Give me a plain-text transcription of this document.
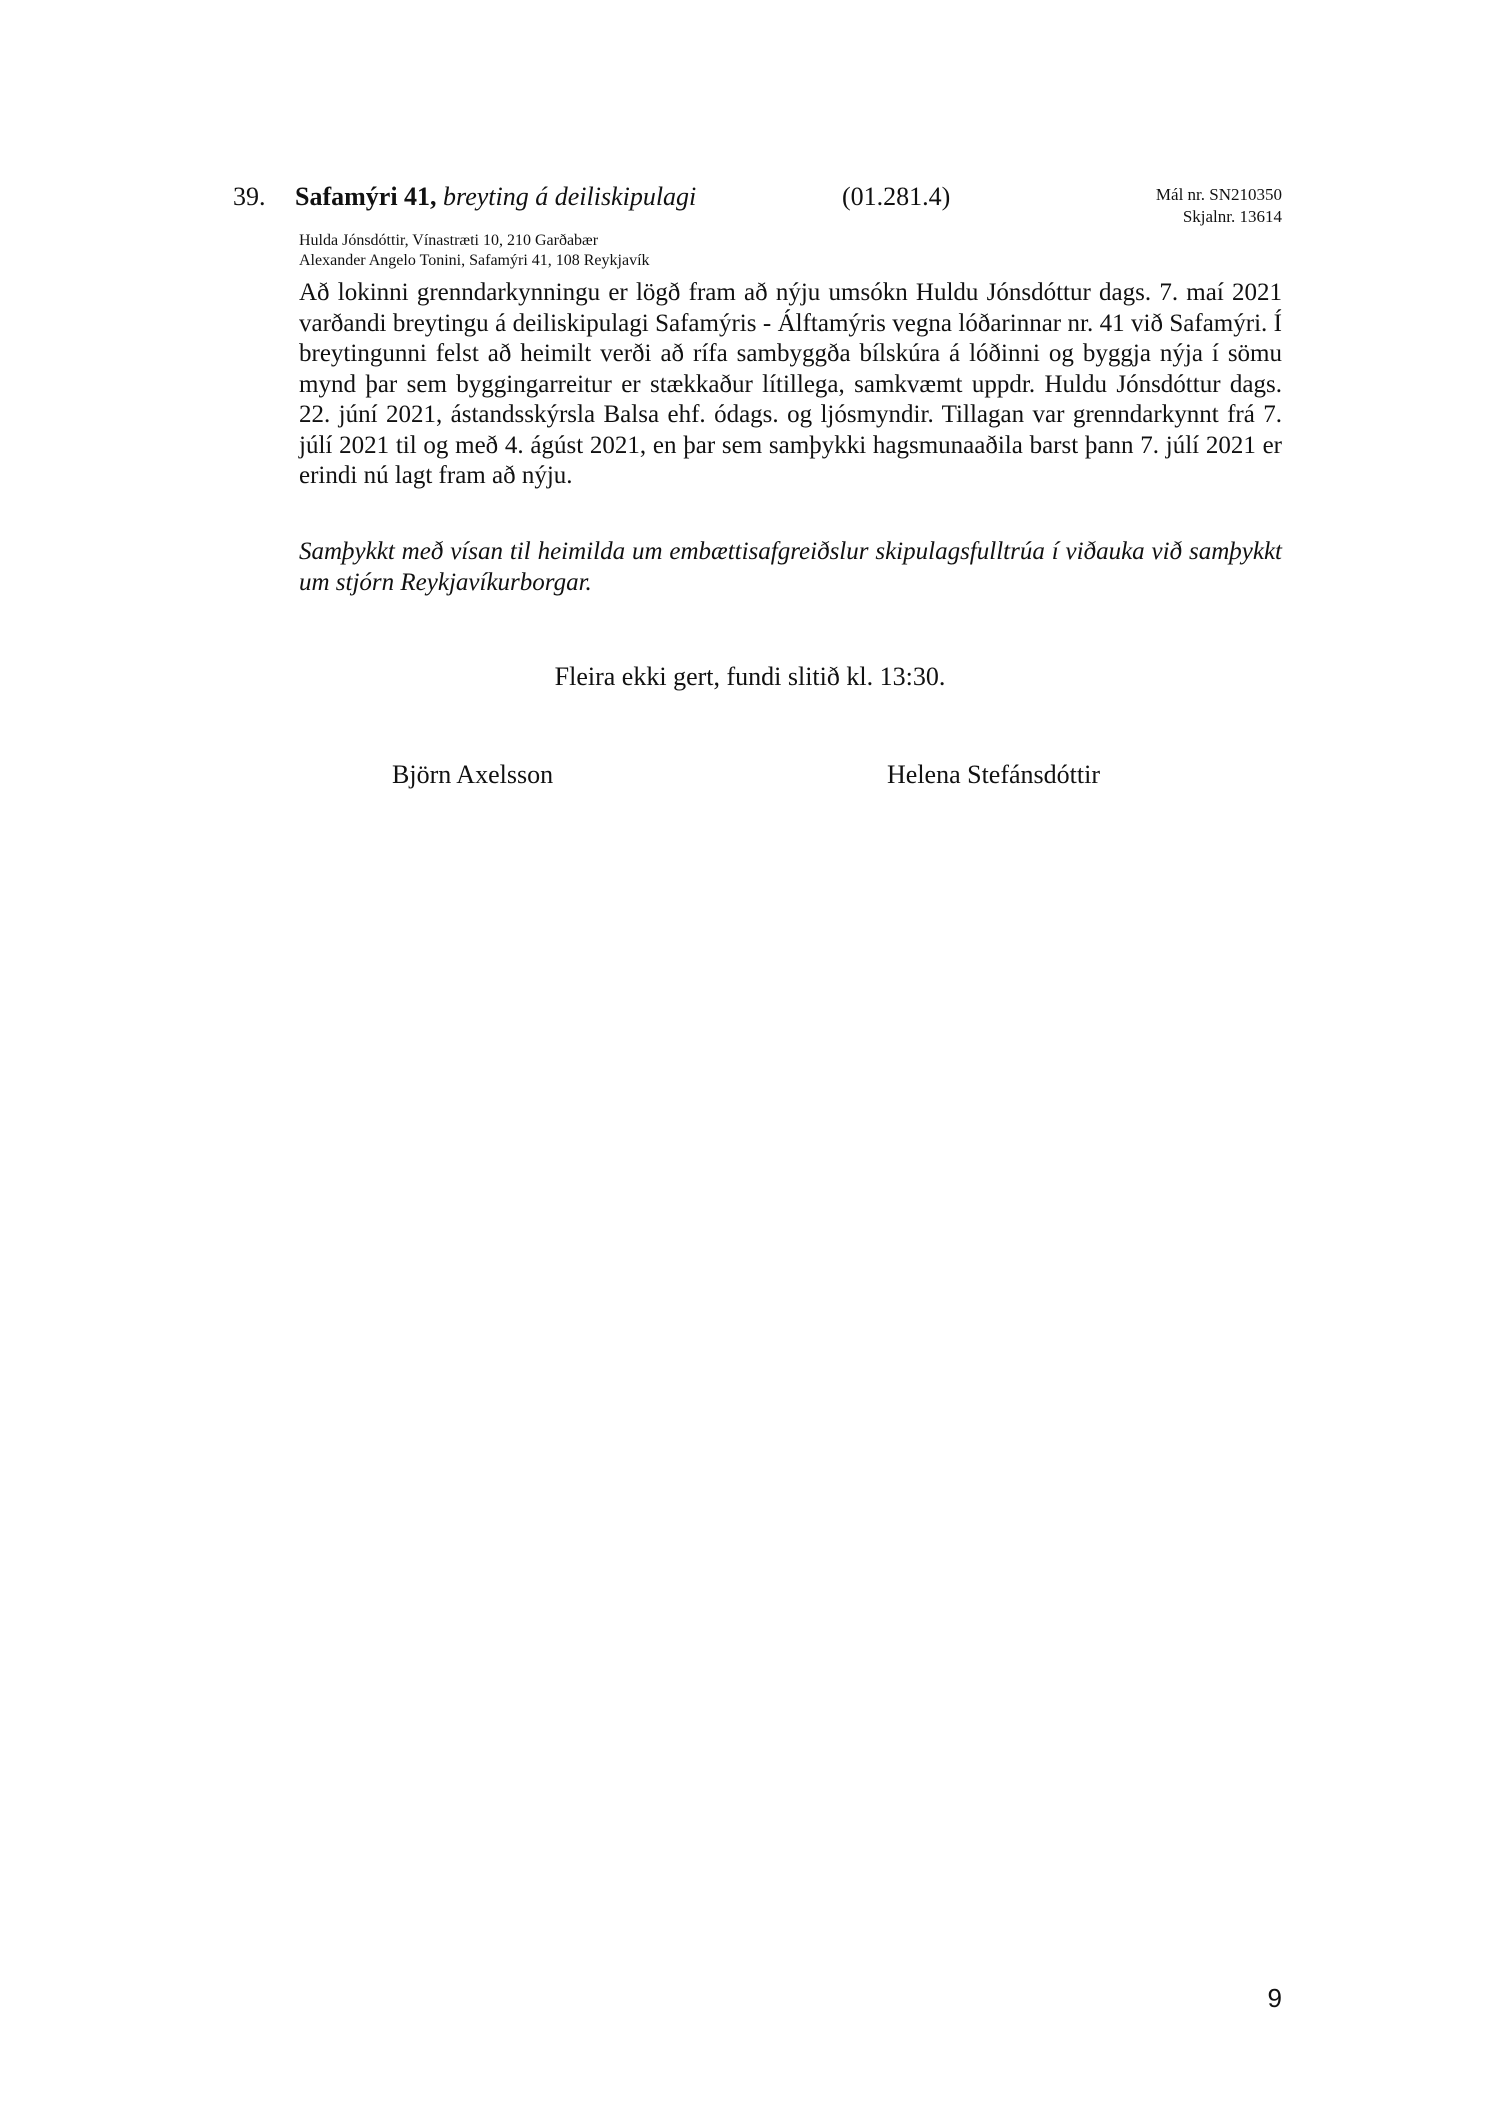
39. Safamýri 41, breyting á deiliskipulagi	(01.281.4)	Mál nr. SN210350
Skjalnr. 13614
Hulda Jónsdóttir, Vínastræti 10, 210 Garðabær
Alexander Angelo Tonini, Safamýri 41, 108 Reykjavík
Að lokinni grenndarkynningu er lögð fram að nýju umsókn Huldu Jónsdóttur dags. 7. maí 2021 varðandi breytingu á deiliskipulagi Safamýris - Álftamýris vegna lóðarinnar nr. 41 við Safamýri. Í breytingunni felst að heimilt verði að rífa sambyggða bílskúra á lóðinni og byggja nýja í sömu mynd þar sem byggingarreitur er stækkaður lítillega, samkvæmt uppdr. Huldu Jónsdóttur dags. 22. júní 2021, ástandsskýrsla Balsa ehf. ódags. og ljósmyndir. Tillagan var grenndarkynnt frá 7. júlí 2021 til og með 4. ágúst 2021, en þar sem samþykki hagsmunaaðila barst þann 7. júlí 2021 er erindi nú lagt fram að nýju.
Samþykkt með vísan til heimilda um embættisafgreiðslur skipulagsfulltrúa í viðauka við samþykkt um stjórn Reykjavíkurborgar.
Fleira ekki gert, fundi slitið kl. 13:30.
Björn Axelsson	Helena Stefánsdóttir
9
